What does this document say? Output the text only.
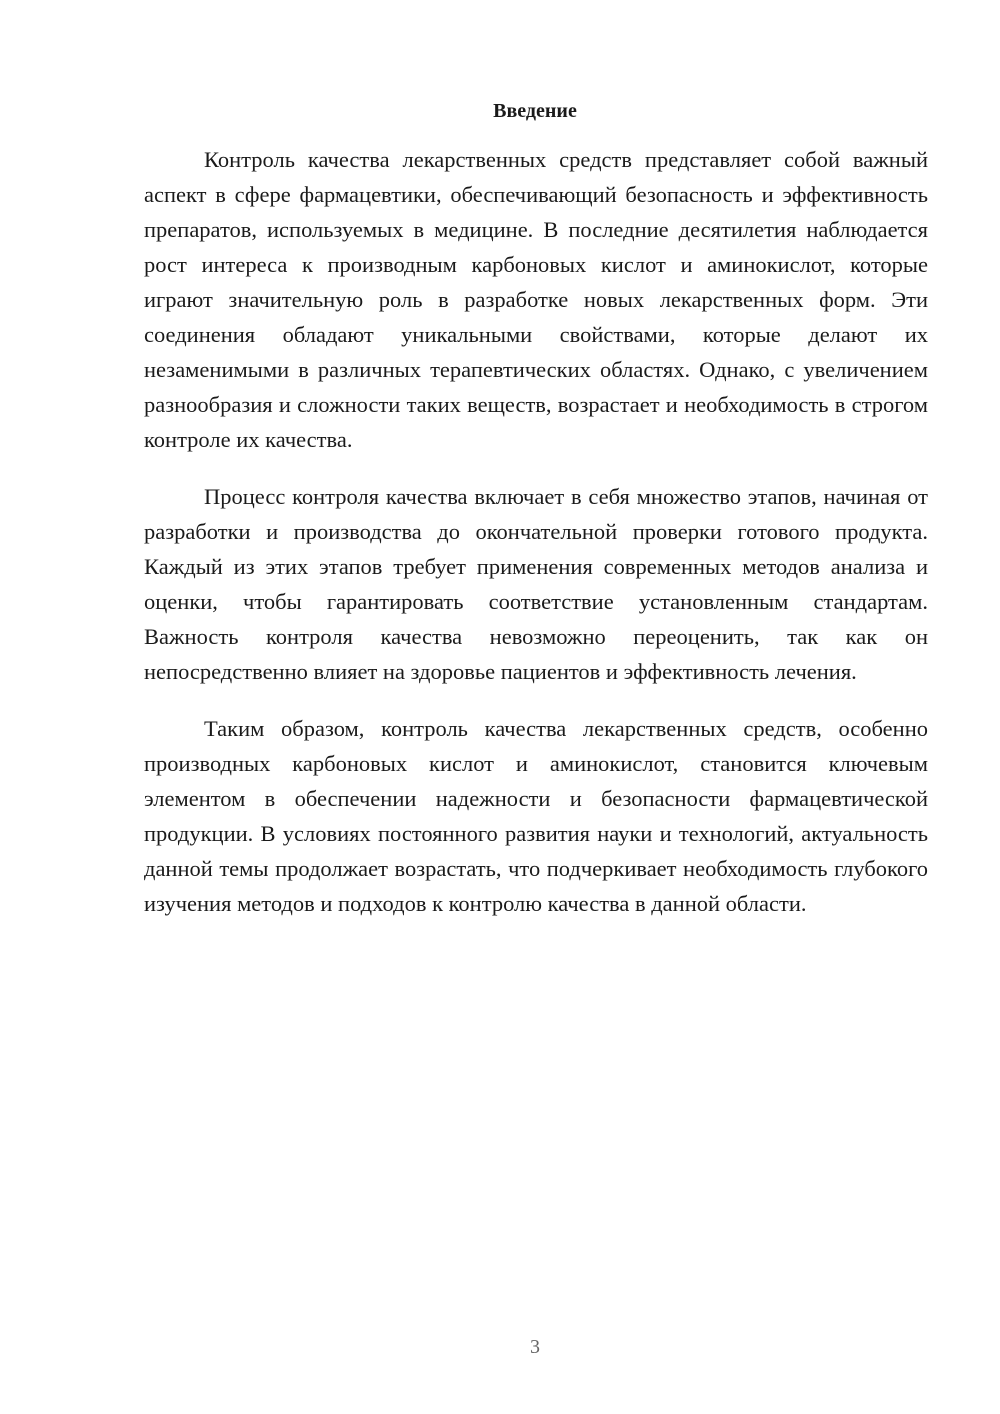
Введение

Контроль качества лекарственных средств представляет собой важный аспект в сфере фармацевтики, обеспечивающий безопасность и эффективность препаратов, используемых в медицине. В последние десятилетия наблюдается рост интереса к производным карбоновых кислот и аминокислот, которые играют значительную роль в разработке новых лекарственных форм. Эти соединения обладают уникальными свойствами, которые делают их незаменимыми в различных терапевтических областях. Однако, с увеличением разнообразия и сложности таких веществ, возрастает и необходимость в строгом контроле их качества.

Процесс контроля качества включает в себя множество этапов, начиная от разработки и производства до окончательной проверки готового продукта. Каждый из этих этапов требует применения современных методов анализа и оценки, чтобы гарантировать соответствие установленным стандартам. Важность контроля качества невозможно переоценить, так как он непосредственно влияет на здоровье пациентов и эффективность лечения.

Таким образом, контроль качества лекарственных средств, особенно производных карбоновых кислот и аминокислот, становится ключевым элементом в обеспечении надежности и безопасности фармацевтической продукции. В условиях постоянного развития науки и технологий, актуальность данной темы продолжает возрастать, что подчеркивает необходимость глубокого изучения методов и подходов к контролю качества в данной области.

3
